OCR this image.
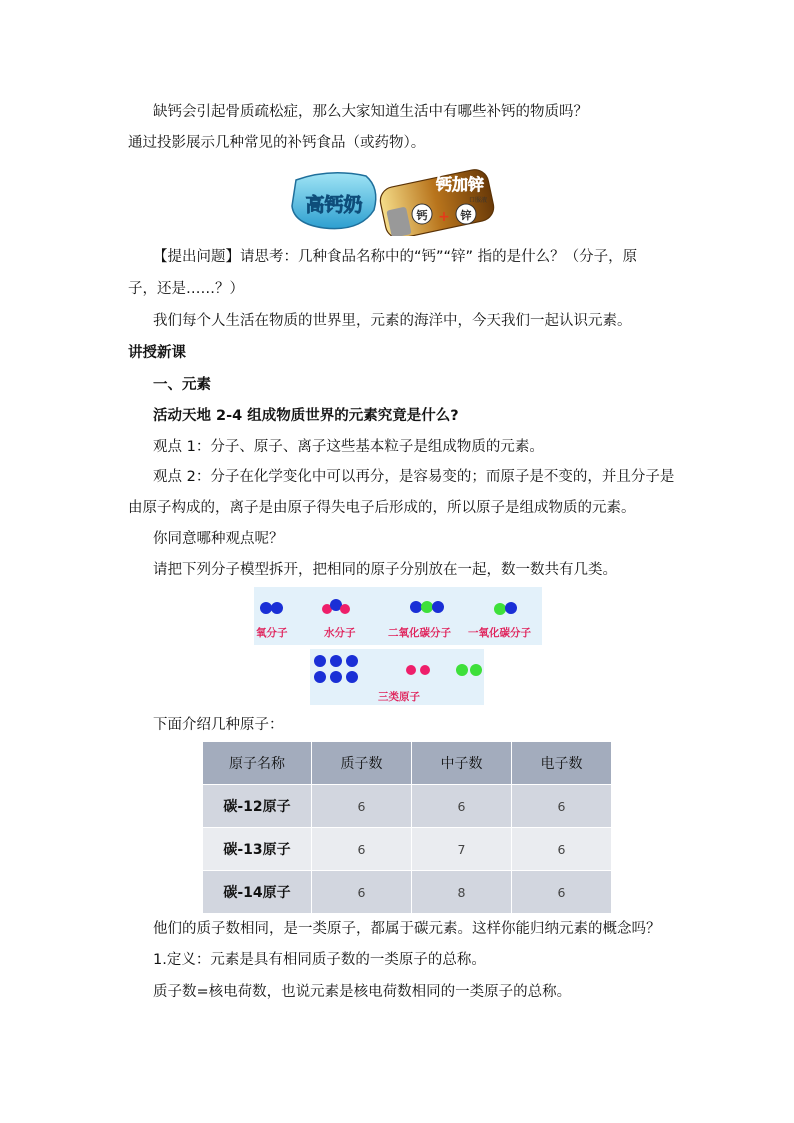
缺钙会引起骨质疏松症，那么大家知道生活中有哪些补钙的物质吗？
通过投影展示几种常见的补钙食品（或药物）。
高钙奶
钙加锌
口服液
钙 + 锌
【提出问题】请思考：几种食品名称中的“钙”“锌” 指的是什么？（分子，原
子，还是……？）
我们每个人生活在物质的世界里，元素的海洋中，今天我们一起认识元素。
讲授新课
一、元素
活动天地 2-4 组成物质世界的元素究竟是什么?
观点 1：分子、原子、离子这些基本粒子是组成物质的元素。
观点 2：分子在化学变化中可以再分，是容易变的；而原子是不变的，并且分子是
由原子构成的，离子是由原子得失电子后形成的，所以原子是组成物质的元素。
你同意哪种观点呢？
请把下列分子模型拆开，把相同的原子分别放在一起，数一数共有几类。
氧分子	水分子	二氧化碳分子 一氧化碳分子
三类原子
下面介绍几种原子：
原子名称	质子数	中子数	电子数
碳-12原子	6	6	6
碳-13原子	6	7	6
碳-14原子	6	8	6
他们的质子数相同，是一类原子，都属于碳元素。这样你能归纳元素的概念吗？
1.定义：元素是具有相同质子数的一类原子的总称。
质子数=核电荷数，也说元素是核电荷数相同的一类原子的总称。
